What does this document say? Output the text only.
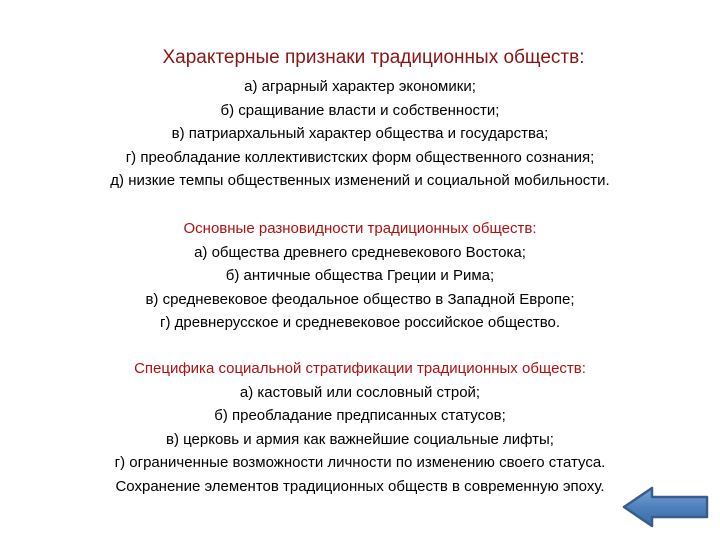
Характерные признаки традиционных обществ:
а) аграрный характер экономики;
б) сращивание власти и собственности;
в) патриархальный характер общества и государства;
г) преобладание коллективистских форм общественного сознания;
д) низкие темпы общественных изменений и социальной мобильности.
Основные разновидности традиционных обществ:
а) общества древнего средневекового Востока;
б) античные общества Греции и Рима;
в) средневековое феодальное общество в Западной Европе;
г) древнерусское и средневековое российское общество.
Специфика социальной стратификации традиционных обществ:
а) кастовый или сословный строй;
б) преобладание предписанных статусов;
в) церковь и армия как важнейшие социальные лифты;
г) ограниченные возможности личности по изменению своего статуса.
Сохранение элементов традиционных обществ в современную эпоху.
